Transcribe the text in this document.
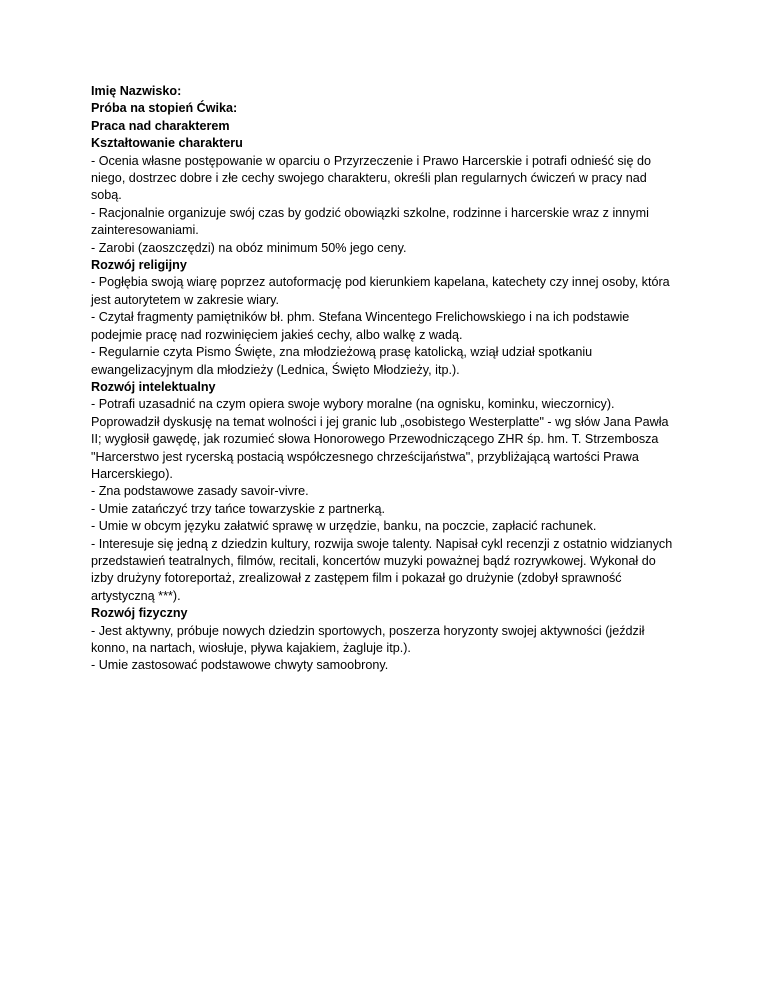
Imię Nazwisko:

Próba na stopień Ćwika:

Praca nad charakterem

Kształtowanie charakteru

- Ocenia własne postępowanie w oparciu o Przyrzeczenie i Prawo Harcerskie i potrafi odnieść się do niego, dostrzec dobre i złe cechy swojego charakteru, określi plan regularnych ćwiczeń w pracy nad sobą.

- Racjonalnie organizuje swój czas by godzić obowiązki szkolne, rodzinne i harcerskie wraz z innymi zainteresowaniami.

- Zarobi (zaoszczędzi) na obóz minimum 50% jego ceny.

Rozwój religijny

- Pogłębia swoją wiarę poprzez autoformację pod kierunkiem kapelana, katechety czy innej osoby, która jest autorytetem w zakresie wiary.

- Czytał fragmenty pamiętników bł. phm. Stefana Wincentego Frelichowskiego i na ich podstawie podejmie pracę nad rozwinięciem jakieś cechy, albo walkę z wadą.

- Regularnie czyta Pismo Święte, zna młodzieżową prasę katolicką, wziął udział spotkaniu ewangelizacyjnym dla młodzieży (Lednica, Święto Młodzieży, itp.).

Rozwój intelektualny

- Potrafi uzasadnić na czym opiera swoje wybory moralne (na ognisku, kominku, wieczornicy). Poprowadził dyskusję na temat wolności i jej granic lub „osobistego Westerplatte" - wg słów Jana Pawła II; wygłosił gawędę, jak rozumieć słowa Honorowego Przewodniczącego ZHR śp. hm. T. Strzembosza "Harcerstwo jest rycerską postacią współczesnego chrześcijaństwa", przybliżającą wartości Prawa Harcerskiego).

- Zna podstawowe zasady savoir-vivre.

- Umie zatańczyć trzy tańce towarzyskie z partnerką.

- Umie w obcym języku załatwić sprawę w urzędzie, banku, na poczcie, zapłacić rachunek.

- Interesuje się jedną z dziedzin kultury, rozwija swoje talenty. Napisał cykl recenzji z ostatnio widzianych przedstawień teatralnych, filmów, recitali, koncertów muzyki poważnej bądź rozrywkowej. Wykonał do izby drużyny fotoreportaż, zrealizował z zastępem film i pokazał go drużynie (zdobył sprawność artystyczną ***).

Rozwój fizyczny

- Jest aktywny, próbuje nowych dziedzin sportowych, poszerza horyzonty swojej aktywności (jeździł konno, na nartach, wiosłuje, pływa kajakiem, żagluje itp.).

- Umie zastosować podstawowe chwyty samoobrony.
